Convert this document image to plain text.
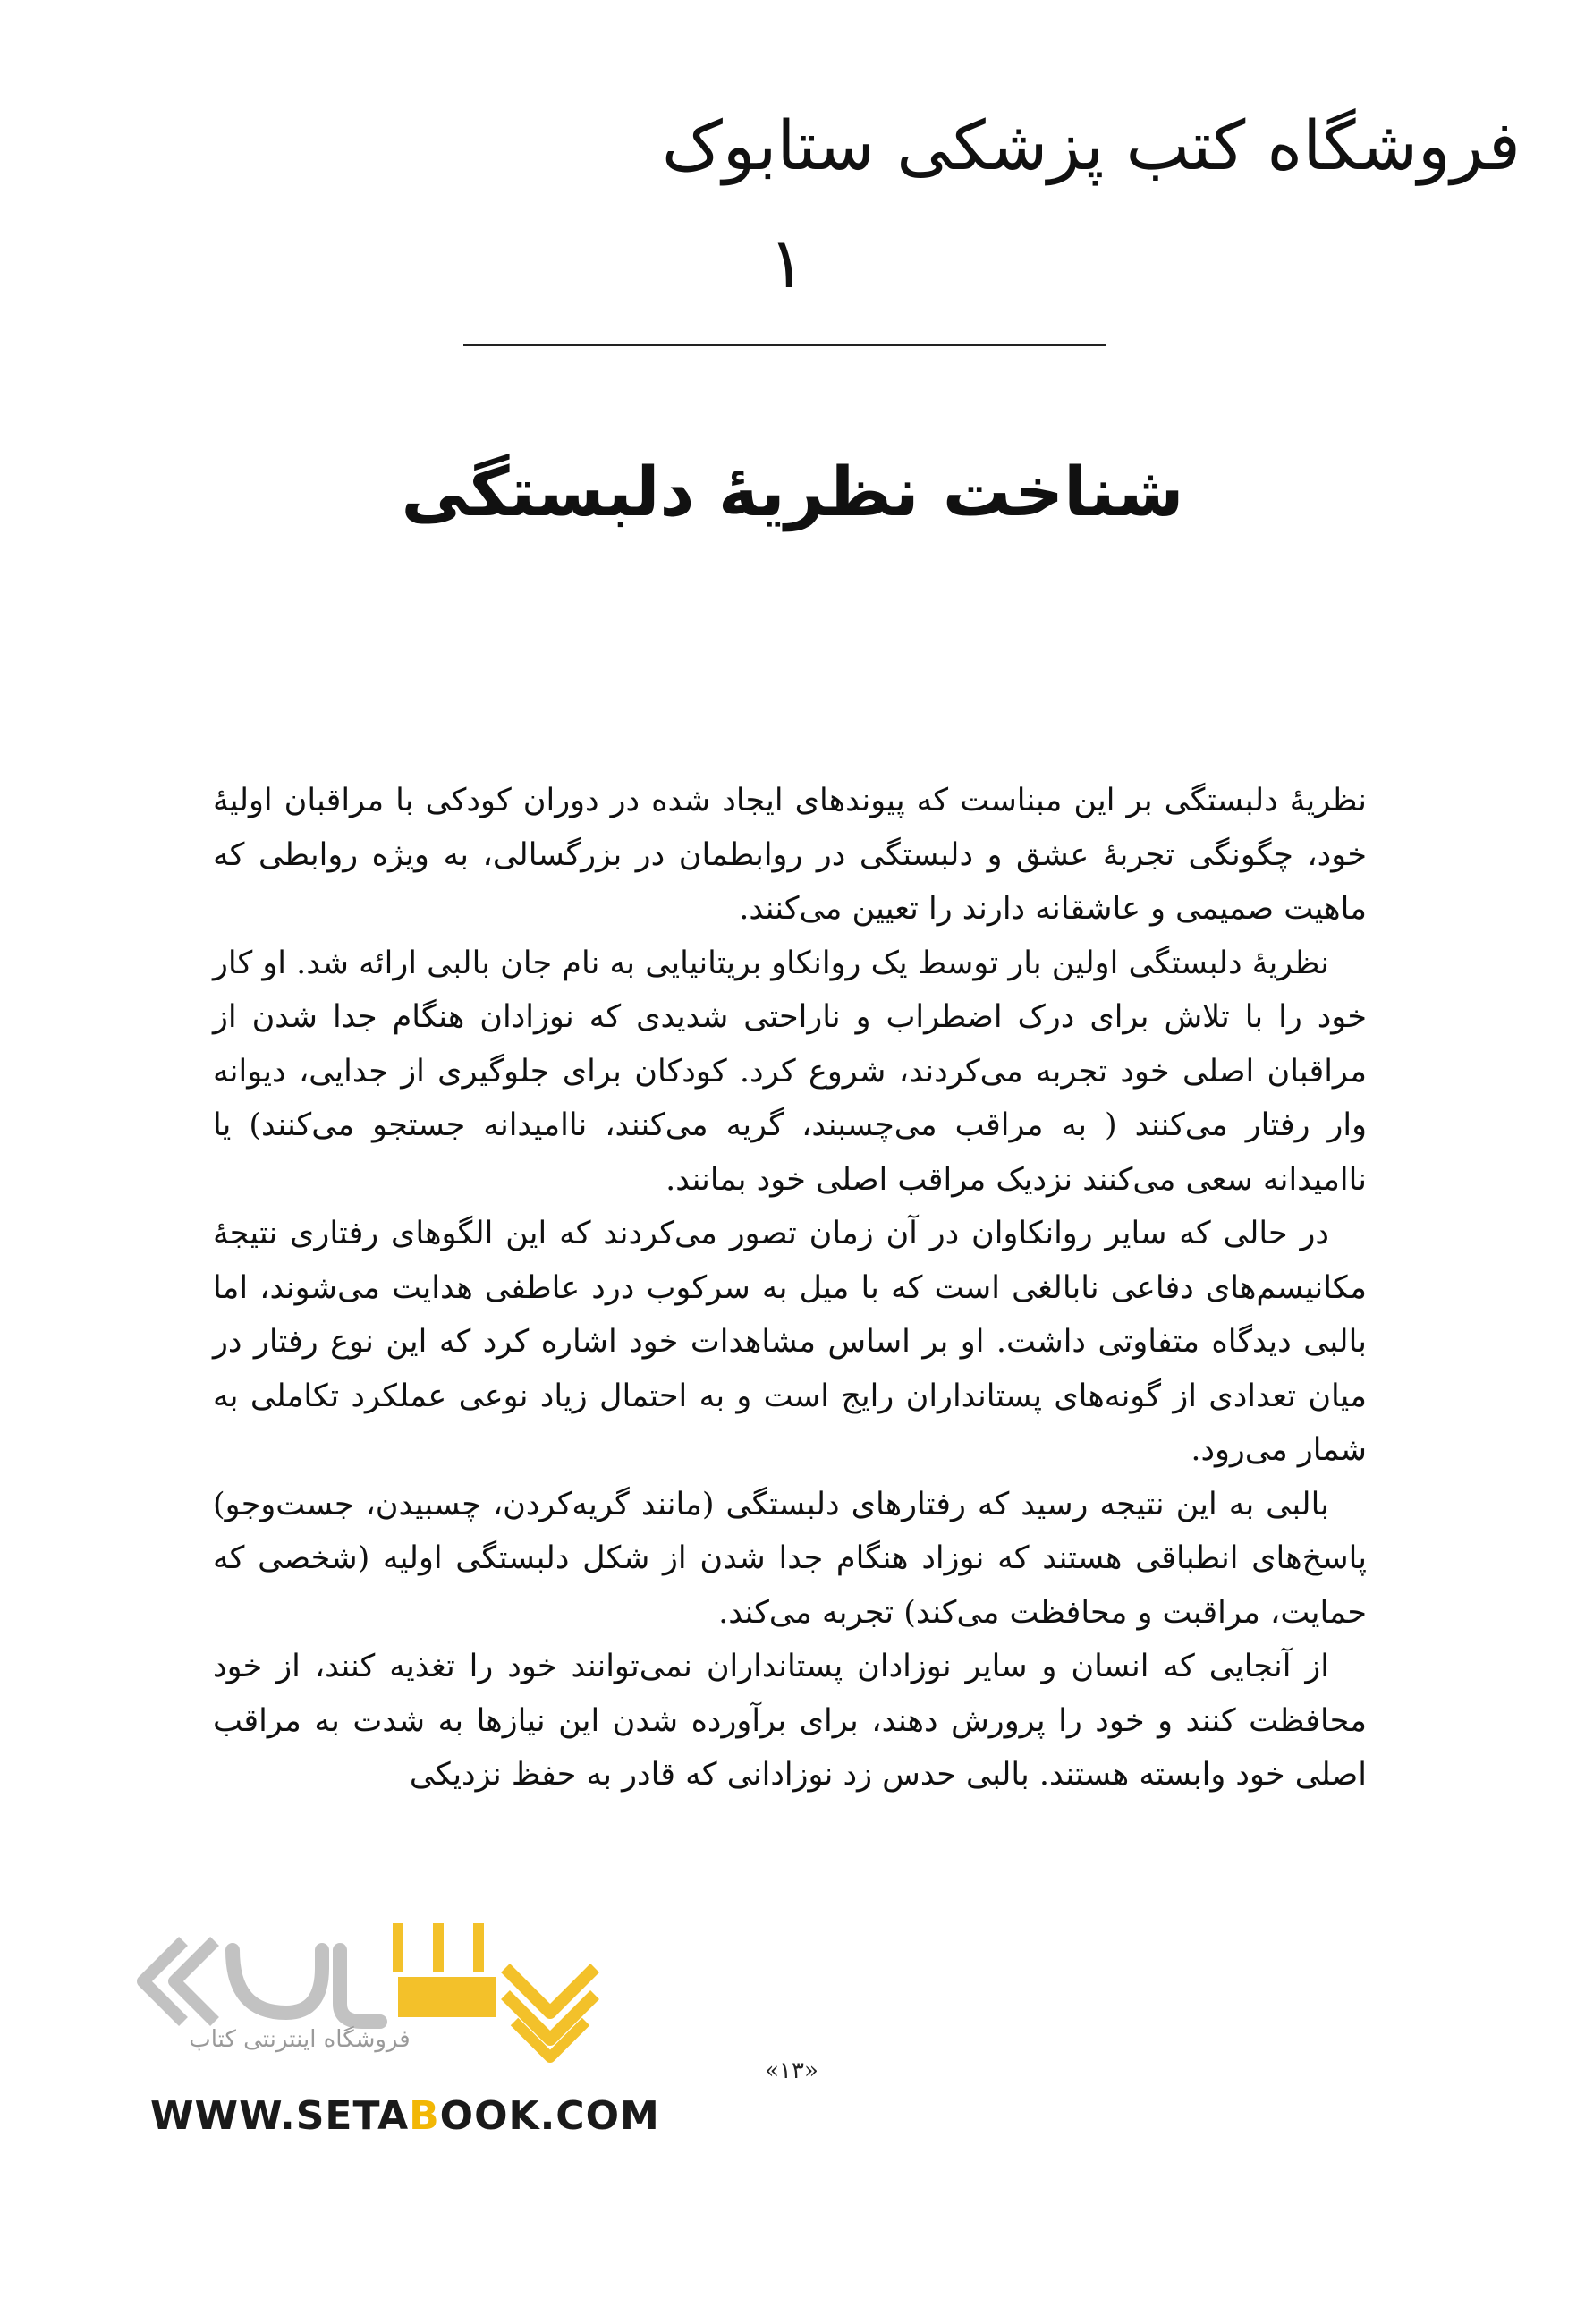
فروشگاه کتب پزشکی ستابوک
۱
شناخت نظریهٔ دلبستگی

نظریهٔ دلبستگی بر این مبناست که پیوندهای ایجاد شده در دوران کودکی با مراقبان اولیهٔ خود، چگونگی تجربهٔ عشق و دلبستگی در روابطمان در بزرگسالی، به ویژه روابطی که ماهیت صمیمی و عاشقانه دارند را تعیین می‌کنند.

نظریهٔ دلبستگی اولین بار توسط یک روانکاو بریتانیایی به نام جان بالبی ارائه شد. او کار خود را با تلاش برای درک اضطراب و ناراحتی شدیدی که نوزادان هنگام جدا شدن از مراقبان اصلی خود تجربه می‌کردند، شروع کرد. کودکان برای جلوگیری از جدایی، دیوانه وار رفتار می‌کنند ( به مراقب می‌چسبند، گریه می‌کنند، ناامیدانه جستجو می‌کنند) یا ناامیدانه سعی می‌کنند نزدیک مراقب اصلی خود بمانند.

در حالی که سایر روانکاوان در آن زمان تصور می‌کردند که این الگوهای رفتاری نتیجهٔ مکانیسم‌های دفاعی نابالغی است که با میل به سرکوب درد عاطفی هدایت می‌شوند، اما بالبی دیدگاه متفاوتی داشت. او بر اساس مشاهدات خود اشاره کرد که این نوع رفتار در میان تعدادی از گونه‌های پستانداران رایج است و به احتمال زیاد نوعی عملکرد تکاملی به شمار می‌رود.

بالبی به این نتیجه رسید که رفتارهای دلبستگی (مانند گریه‌کردن، چسبیدن، جست‌وجو) پاسخ‌های انطباقی هستند که نوزاد هنگام جدا شدن از شکل دلبستگی اولیه (شخصی که حمایت، مراقبت و محافظت می‌کند) تجربه می‌کند.

از آنجایی که انسان و سایر نوزادان پستانداران نمی‌توانند خود را تغذیه کنند، از خود محافظت کنند و خود را پرورش دهند، برای برآورده شدن این نیازها به شدت به مراقب اصلی خود وابسته هستند. بالبی حدس زد نوزادانی که قادر به حفظ نزدیکی

فروشگاه اینترنتی کتاب
«۱۳»
WWW.SETABOOK.COM
